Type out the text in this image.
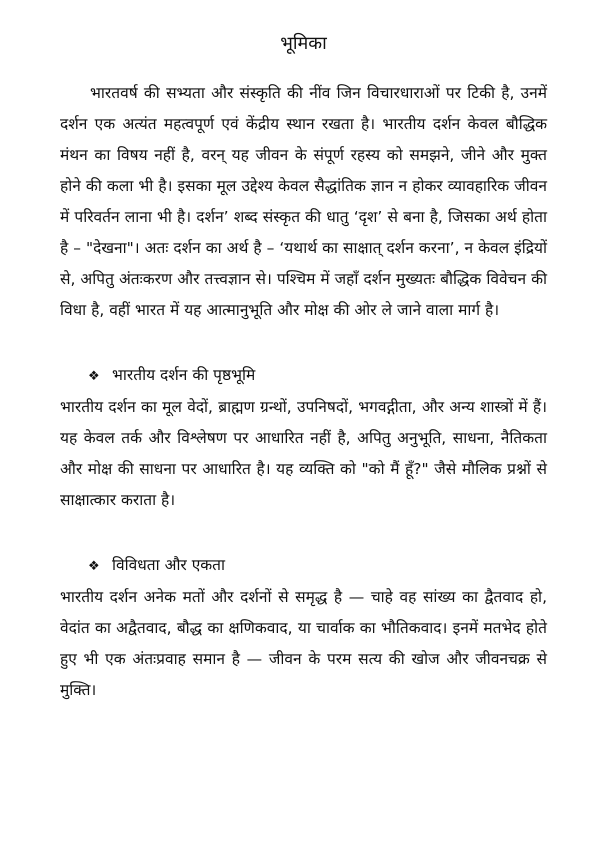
भूमिका

भारतवर्ष की सभ्यता और संस्कृति की नींव जिन विचारधाराओं पर टिकी है, उनमें दर्शन एक अत्यंत महत्वपूर्ण एवं केंद्रीय स्थान रखता है। भारतीय दर्शन केवल बौद्धिक मंथन का विषय नहीं है, वरन् यह जीवन के संपूर्ण रहस्य को समझने, जीने और मुक्त होने की कला भी है। इसका मूल उद्देश्य केवल सैद्धांतिक ज्ञान न होकर व्यावहारिक जीवन में परिवर्तन लाना भी है। दर्शन’ शब्द संस्कृत की धातु ‘दृश’ से बना है, जिसका अर्थ होता है – "देखना"। अतः दर्शन का अर्थ है – ‘यथार्थ का साक्षात् दर्शन करना’, न केवल इंद्रियों से, अपितु अंतःकरण और तत्त्वज्ञान से। पश्चिम में जहाँ दर्शन मुख्यतः बौद्धिक विवेचन की विधा है, वहीं भारत में यह आत्मानुभूति और मोक्ष की ओर ले जाने वाला मार्ग है।

❖ भारतीय दर्शन की पृष्ठभूमि

भारतीय दर्शन का मूल वेदों, ब्राह्मण ग्रन्थों, उपनिषदों, भगवद्गीता, और अन्य शास्त्रों में हैं। यह केवल तर्क और विश्लेषण पर आधारित नहीं है, अपितु अनुभूति, साधना, नैतिकता और मोक्ष की साधना पर आधारित है। यह व्यक्ति को "को मैं हूँ?" जैसे मौलिक प्रश्नों से साक्षात्कार कराता है।

❖ विविधता और एकता

भारतीय दर्शन अनेक मतों और दर्शनों से समृद्ध है — चाहे वह सांख्य का द्वैतवाद हो, वेदांत का अद्वैतवाद, बौद्ध का क्षणिकवाद, या चार्वाक का भौतिकवाद। इनमें मतभेद होते हुए भी एक अंतःप्रवाह समान है — जीवन के परम सत्य की खोज और जीवनचक्र से मुक्ति।
